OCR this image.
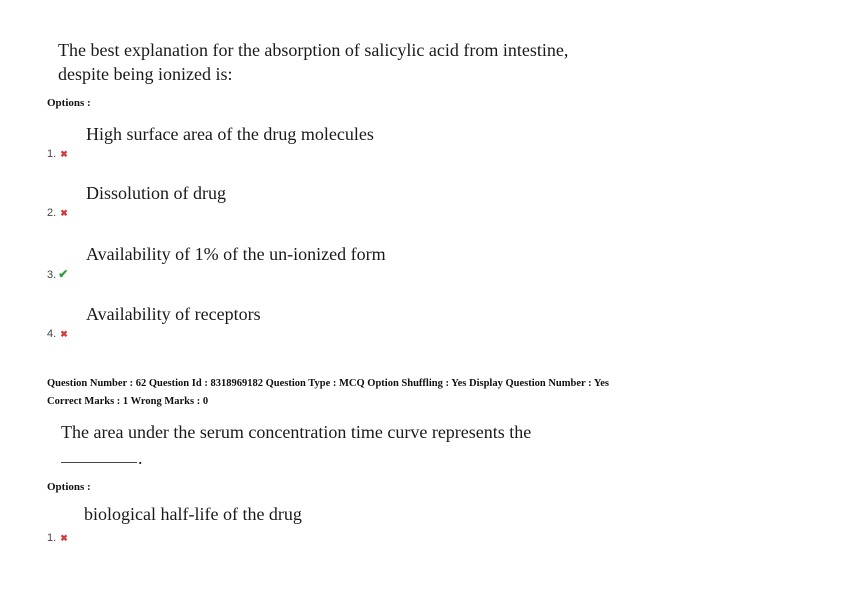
The best explanation for the absorption of salicylic acid from intestine,
despite being ionized is:
Options :
High surface area of the drug molecules
1. ✖
Dissolution of drug
2. ✖
Availability of 1% of the un-ionized form
3. ✔
Availability of receptors
4. ✖
Question Number : 62 Question Id : 8318969182 Question Type : MCQ Option Shuffling : Yes Display Question Number : Yes
Correct Marks : 1 Wrong Marks : 0
The area under the serum concentration time curve represents the
.
Options :
biological half-life of the drug
1. ✖
